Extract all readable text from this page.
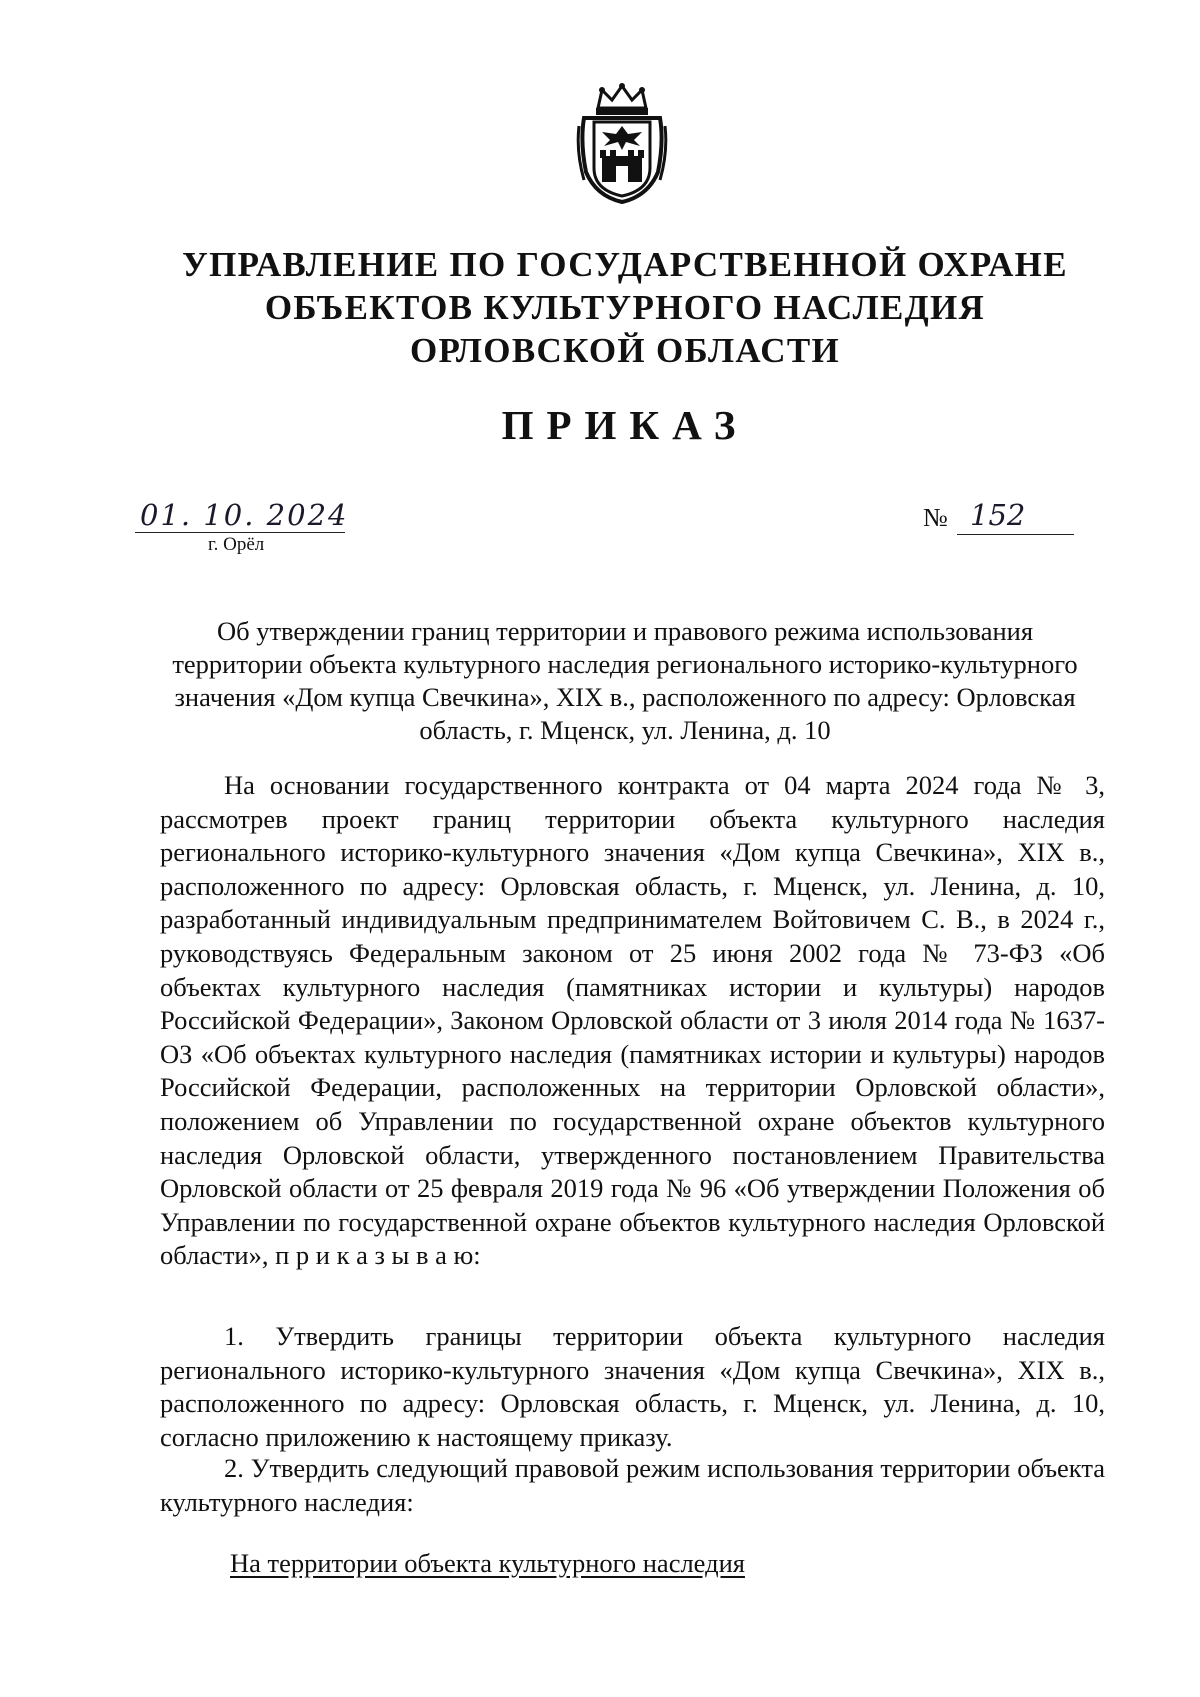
УПРАВЛЕНИЕ ПО ГОСУДАРСТВЕННОЙ ОХРАНЕ
ОБЪЕКТОВ КУЛЬТУРНОГО НАСЛЕДИЯ
ОРЛОВСКОЙ ОБЛАСТИ
ПРИКАЗ
01. 10. 2024
г. Орёл
№ 152

Об утверждении границ территории и правового режима использования территории объекта культурного наследия регионального историко-культурного значения «Дом купца Свечкина», XIX в., расположенного по адресу: Орловская область, г. Мценск, ул. Ленина, д. 10

На основании государственного контракта от 04 марта 2024 года № 3, рассмотрев проект границ территории объекта культурного наследия регионального историко-культурного значения «Дом купца Свечкина», XIX в., расположенного по адресу: Орловская область, г. Мценск, ул. Ленина, д. 10, разработанный индивидуальным предпринимателем Войтовичем С. В., в 2024 г., руководствуясь Федеральным законом от 25 июня 2002 года № 73-ФЗ «Об объектах культурного наследия (памятниках истории и культуры) народов Российской Федерации», Законом Орловской области от 3 июля 2014 года № 1637-ОЗ «Об объектах культурного наследия (памятниках истории и культуры) народов Российской Федерации, расположенных на территории Орловской области», положением об Управлении по государственной охране объектов культурного наследия Орловской области, утвержденного постановлением Правительства Орловской области от 25 февраля 2019 года № 96 «Об утверждении Положения об Управлении по государственной охране объектов культурного наследия Орловской области», п р и к а з ы в а ю:

1. Утвердить границы территории объекта культурного наследия регионального историко-культурного значения «Дом купца Свечкина», XIX в., расположенного по адресу: Орловская область, г. Мценск, ул. Ленина, д. 10, согласно приложению к настоящему приказу.

2. Утвердить следующий правовой режим использования территории объекта культурного наследия:

На территории объекта культурного наследия
